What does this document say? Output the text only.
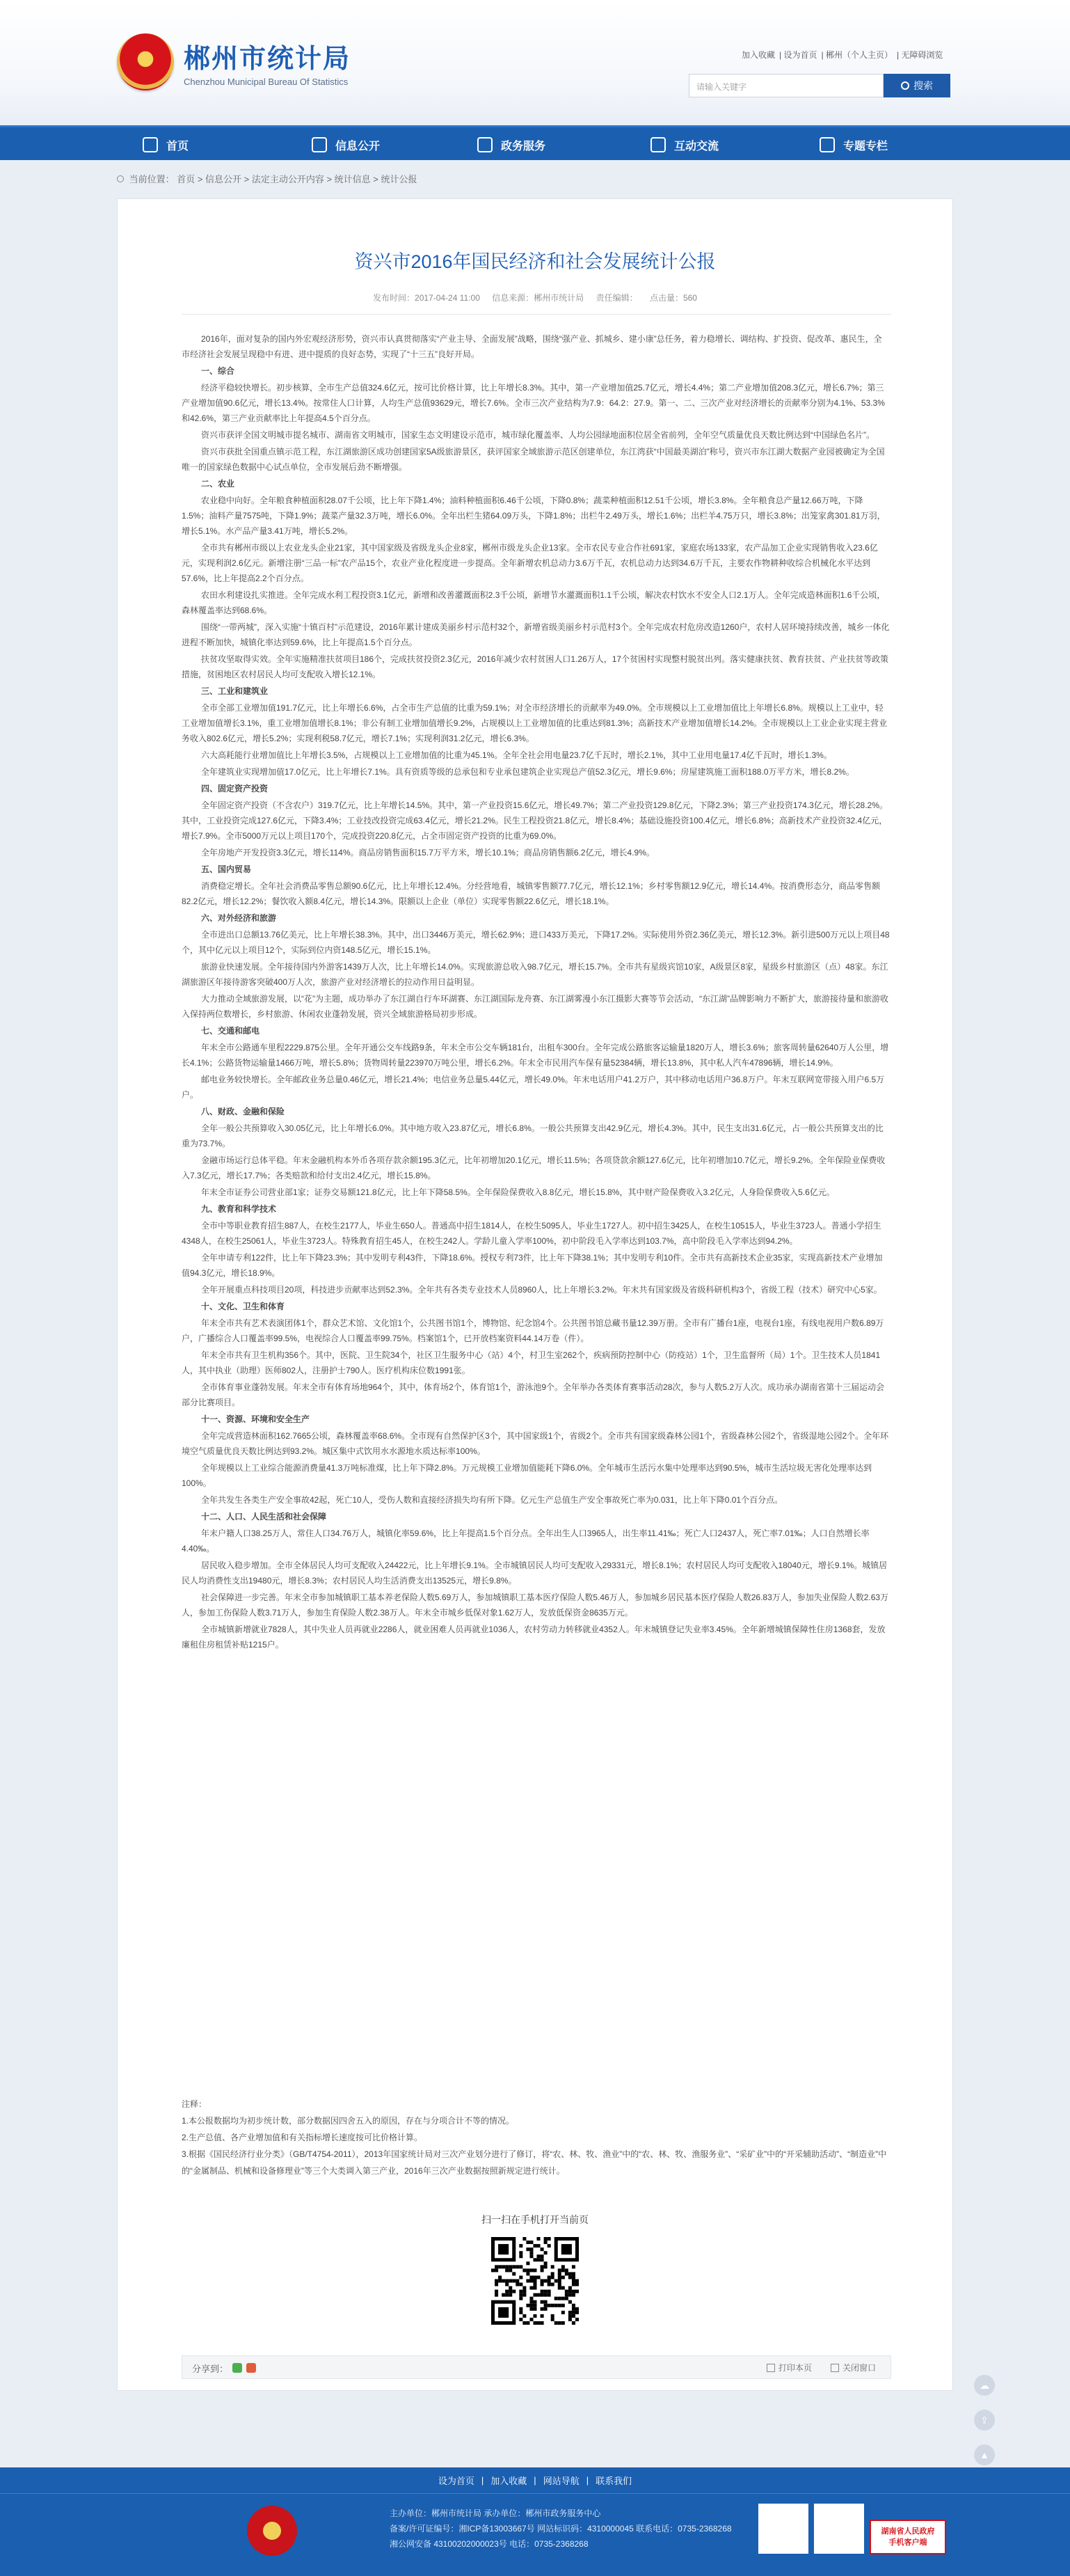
郴州市统计局
Chenzhou Municipal Bureau Of Statistics
加入收藏 | 设为首页 | 郴州（个人主页） | 无障碍浏览
请输入关键字	搜索
首页	信息公开	政务服务	互动交流	专题专栏
当前位置： 首页 > 信息公开 > 法定主动公开内容 > 统计信息 > 统计公报
资兴市2016年国民经济和社会发展统计公报
发布时间：2017-04-24 11:00 信息来源：郴州市统计局 责任编辑： 点击量：560

2016年，面对复杂的国内外宏观经济形势，资兴市认真贯彻落实“产业主导、全面发展”战略，围绕“强产业、抓城乡、建小康”总任务，着力稳增长、调结构、扩投资、促改革、惠民生，全市经济社会发展呈现稳中有进、进中提质的良好态势，实现了“十三五”良好开局。

一、综合

经济平稳较快增长。初步核算，全市生产总值324.6亿元，按可比价格计算，比上年增长8.3%。其中，第一产业增加值25.7亿元，增长4.4%；第二产业增加值208.3亿元，增长6.7%；第三产业增加值90.6亿元，增长13.4%。按常住人口计算，人均生产总值93629元，增长7.6%。全市三次产业结构为7.9：64.2：27.9。第一、二、三次产业对经济增长的贡献率分别为4.1%、53.3%和42.6%，第三产业贡献率比上年提高4.5个百分点。

资兴市获评全国文明城市提名城市、湖南省文明城市，国家生态文明建设示范市，城市绿化覆盖率、人均公园绿地面积位居全省前列，全年空气质量优良天数比例达到“中国绿色名片”。

资兴市获批全国重点镇示范工程，东江湖旅游区成功创建国家5A级旅游景区，获评国家全域旅游示范区创建单位，东江湾获“中国最美湖泊”称号，资兴市东江湖大数据产业园被确定为全国唯一的国家绿色数据中心试点单位，全市发展后劲不断增强。

二、农业

农业稳中向好。全年粮食种植面积28.07千公顷，比上年下降1.4%；油料种植面积6.46千公顷，下降0.8%；蔬菜种植面积12.51千公顷，增长3.8%。全年粮食总产量12.66万吨，下降1.5%；油料产量7575吨，下降1.9%；蔬菜产量32.3万吨，增长6.0%。全年出栏生猪64.09万头，下降1.8%；出栏牛2.49万头，增长1.6%；出栏羊4.75万只，增长3.8%；出笼家禽301.81万羽，增长5.1%。水产品产量3.41万吨，增长5.2%。

全市共有郴州市级以上农业龙头企业21家，其中国家级及省级龙头企业8家，郴州市级龙头企业13家。全市农民专业合作社691家，家庭农场133家，农产品加工企业实现销售收入23.6亿元，实现利润2.6亿元。新增注册“三品一标”农产品15个，农业产业化程度进一步提高。全年新增农机总动力3.6万千瓦，农机总动力达到34.6万千瓦，主要农作物耕种收综合机械化水平达到57.6%，比上年提高2.2个百分点。

农田水利建设扎实推进。全年完成水利工程投资3.1亿元，新增和改善灌溉面积2.3千公顷，新增节水灌溉面积1.1千公顷，解决农村饮水不安全人口2.1万人。全年完成造林面积1.6千公顷，森林覆盖率达到68.6%。

围绕“一带两城”，深入实施“十镇百村”示范建设，2016年累计建成美丽乡村示范村32个，新增省级美丽乡村示范村3个。全年完成农村危房改造1260户，农村人居环境持续改善，城乡一体化进程不断加快，城镇化率达到59.6%，比上年提高1.5个百分点。

扶贫攻坚取得实效。全年实施精准扶贫项目186个，完成扶贫投资2.3亿元，2016年减少农村贫困人口1.26万人，17个贫困村实现整村脱贫出列。落实健康扶贫、教育扶贫、产业扶贫等政策措施，贫困地区农村居民人均可支配收入增长12.1%。

三、工业和建筑业

全市全部工业增加值191.7亿元，比上年增长6.6%，占全市生产总值的比重为59.1%；对全市经济增长的贡献率为49.0%。全市规模以上工业增加值比上年增长6.8%。规模以上工业中，轻工业增加值增长3.1%，重工业增加值增长8.1%；非公有制工业增加值增长9.2%，占规模以上工业增加值的比重达到81.3%；高新技术产业增加值增长14.2%。全市规模以上工业企业实现主营业务收入802.6亿元，增长5.2%；实现利税58.7亿元，增长7.1%；实现利润31.2亿元，增长6.3%。

六大高耗能行业增加值比上年增长3.5%，占规模以上工业增加值的比重为45.1%。全年全社会用电量23.7亿千瓦时，增长2.1%，其中工业用电量17.4亿千瓦时，增长1.3%。

全年建筑业实现增加值17.0亿元，比上年增长7.1%。具有资质等级的总承包和专业承包建筑企业实现总产值52.3亿元，增长9.6%；房屋建筑施工面积188.0万平方米，增长8.2%。

四、固定资产投资

全年固定资产投资（不含农户）319.7亿元，比上年增长14.5%。其中，第一产业投资15.6亿元，增长49.7%；第二产业投资129.8亿元，下降2.3%；第三产业投资174.3亿元，增长28.2%。其中，工业投资完成127.6亿元，下降3.4%；工业技改投资完成63.4亿元，增长21.2%。民生工程投资21.8亿元，增长8.4%；基础设施投资100.4亿元，增长6.8%；高新技术产业投资32.4亿元，增长7.9%。全市5000万元以上项目170个，完成投资220.8亿元，占全市固定资产投资的比重为69.0%。

全年房地产开发投资3.3亿元，增长114%。商品房销售面积15.7万平方米，增长10.1%；商品房销售额6.2亿元，增长4.9%。

五、国内贸易

消费稳定增长。全年社会消费品零售总额90.6亿元，比上年增长12.4%。分经营地看，城镇零售额77.7亿元，增长12.1%；乡村零售额12.9亿元，增长14.4%。按消费形态分，商品零售额82.2亿元，增长12.2%；餐饮收入额8.4亿元，增长14.3%。限额以上企业（单位）实现零售额22.6亿元，增长18.1%。

六、对外经济和旅游

全市进出口总额13.76亿美元，比上年增长38.3%。其中，出口3446万美元，增长62.9%；进口433万美元，下降17.2%。实际使用外资2.36亿美元，增长12.3%。新引进500万元以上项目48个，其中亿元以上项目12个，实际到位内资148.5亿元，增长15.1%。

旅游业快速发展。全年接待国内外游客1439万人次，比上年增长14.0%。实现旅游总收入98.7亿元，增长15.7%。全市共有星级宾馆10家，A级景区8家，星级乡村旅游区（点）48家。东江湖旅游区年接待游客突破400万人次，旅游产业对经济增长的拉动作用日益明显。

大力推动全域旅游发展，以“花”为主题，成功举办了东江湖自行车环湖赛、东江湖国际龙舟赛、东江湖雾漫小东江摄影大赛等节会活动，“东江湖”品牌影响力不断扩大，旅游接待量和旅游收入保持两位数增长，乡村旅游、休闲农业蓬勃发展，资兴全域旅游格局初步形成。

七、交通和邮电

年末全市公路通车里程2229.875公里。全年开通公交车线路9条，年末全市公交车辆181台，出租车300台。全年完成公路旅客运输量1820万人，增长3.6%；旅客周转量62640万人公里，增长4.1%；公路货物运输量1466万吨，增长5.8%；货物周转量223970万吨公里，增长6.2%。年末全市民用汽车保有量52384辆，增长13.8%，其中私人汽车47896辆，增长14.9%。

邮电业务较快增长。全年邮政业务总量0.46亿元，增长21.4%；电信业务总量5.44亿元，增长49.0%。年末电话用户41.2万户，其中移动电话用户36.8万户。年末互联网宽带接入用户6.5万户。

八、财政、金融和保险

全年一般公共预算收入30.05亿元，比上年增长6.0%。其中地方收入23.87亿元，增长6.8%。一般公共预算支出42.9亿元，增长4.3%。其中，民生支出31.6亿元，占一般公共预算支出的比重为73.7%。

金融市场运行总体平稳。年末金融机构本外币各项存款余额195.3亿元，比年初增加20.1亿元，增长11.5%；各项贷款余额127.6亿元，比年初增加10.7亿元，增长9.2%。全年保险业保费收入7.3亿元，增长17.7%；各类赔款和给付支出2.4亿元，增长15.8%。

年末全市证券公司营业部1家；证券交易额121.8亿元，比上年下降58.5%。全年保险保费收入8.8亿元，增长15.8%，其中财产险保费收入3.2亿元，人身险保费收入5.6亿元。

九、教育和科学技术

全市中等职业教育招生887人，在校生2177人，毕业生650人。普通高中招生1814人，在校生5095人，毕业生1727人。初中招生3425人，在校生10515人，毕业生3723人。普通小学招生4348人，在校生25061人，毕业生3723人。特殊教育招生45人，在校生242人。学龄儿童入学率100%，初中阶段毛入学率达到103.7%，高中阶段毛入学率达到94.2%。

全年申请专利122件，比上年下降23.3%；其中发明专利43件，下降18.6%。授权专利73件，比上年下降38.1%；其中发明专利10件。全市共有高新技术企业35家，实现高新技术产业增加值94.3亿元，增长18.9%。

全年开展重点科技项目20项，科技进步贡献率达到52.3%。全年共有各类专业技术人员8960人，比上年增长3.2%。年末共有国家级及省级科研机构3个，省级工程（技术）研究中心5家。

十、文化、卫生和体育

年末全市共有艺术表演团体1个，群众艺术馆、文化馆1个，公共图书馆1个，博物馆、纪念馆4个。公共图书馆总藏书量12.39万册。全市有广播台1座，电视台1座，有线电视用户数6.89万户，广播综合人口覆盖率99.5%，电视综合人口覆盖率99.75%。档案馆1个，已开放档案资料44.14万卷（件）。

年末全市共有卫生机构356个。其中，医院、卫生院34个，社区卫生服务中心（站）4个，村卫生室262个，疾病预防控制中心（防疫站）1个，卫生监督所（局）1个。卫生技术人员1841人，其中执业（助理）医师802人，注册护士790人。医疗机构床位数1991张。

全市体育事业蓬勃发展。年末全市有体育场地964个，其中，体育场2个，体育馆1个，游泳池9个。全年举办各类体育赛事活动28次，参与人数5.2万人次。成功承办湖南省第十三届运动会部分比赛项目。

十一、资源、环境和安全生产

全年完成营造林面积162.7665公顷，森林覆盖率68.6%。全市现有自然保护区3个，其中国家级1个，省级2个。全市共有国家级森林公园1个，省级森林公园2个，省级湿地公园2个。全年环境空气质量优良天数比例达到93.2%。城区集中式饮用水水源地水质达标率100%。

全年规模以上工业综合能源消费量41.3万吨标准煤，比上年下降2.8%。万元规模工业增加值能耗下降6.0%。全年城市生活污水集中处理率达到90.5%，城市生活垃圾无害化处理率达到100%。

全年共发生各类生产安全事故42起，死亡10人，受伤人数和直接经济损失均有所下降。亿元生产总值生产安全事故死亡率为0.031，比上年下降0.01个百分点。

十二、人口、人民生活和社会保障

年末户籍人口38.25万人，常住人口34.76万人，城镇化率59.6%，比上年提高1.5个百分点。全年出生人口3965人，出生率11.41‰；死亡人口2437人，死亡率7.01‰；人口自然增长率4.40‰。

居民收入稳步增加。全市全体居民人均可支配收入24422元，比上年增长9.1%。全市城镇居民人均可支配收入29331元，增长8.1%；农村居民人均可支配收入18040元，增长9.1%。城镇居民人均消费性支出19480元，增长8.3%；农村居民人均生活消费支出13525元，增长9.8%。

社会保障进一步完善。年末全市参加城镇职工基本养老保险人数5.69万人，参加城镇职工基本医疗保险人数5.46万人，参加城乡居民基本医疗保险人数26.83万人，参加失业保险人数2.63万人，参加工伤保险人数3.71万人，参加生育保险人数2.38万人。年末全市城乡低保对象1.62万人，发放低保资金8635万元。

全市城镇新增就业7828人，其中失业人员再就业2286人，就业困难人员再就业1036人，农村劳动力转移就业4352人。年末城镇登记失业率3.45%。全年新增城镇保障性住房1368套，发放廉租住房租赁补贴1215户。

注释：
1.本公报数据均为初步统计数，部分数据因四舍五入的原因，存在与分项合计不等的情况。
2.生产总值、各产业增加值和有关指标增长速度按可比价格计算。
3.根据《国民经济行业分类》（GB/T4754-2011），2013年国家统计局对三次产业划分进行了修订，将“农、林、牧、渔业”中的“农、林、牧、渔服务业”、“采矿业”中的“开采辅助活动”、“制造业”中的“金属制品、机械和设备修理业”等三个大类调入第三产业，2016年三次产业数据按照新规定进行统计。
扫一扫在手机打开当前页
分享到：	打印本页	关闭窗口
☁
⇪
▲
设为首页 | 加入收藏 | 网站导航 | 联系我们

主办单位：郴州市统计局 承办单位：郴州市政务服务中心

备案/许可证编号：湘ICP备13003667号 网站标识码：4310000045 联系电话：0735-2368268

湘公网安备 43100202000023号 电话：0735-2368268

湖南省人民政府
手机客户端
